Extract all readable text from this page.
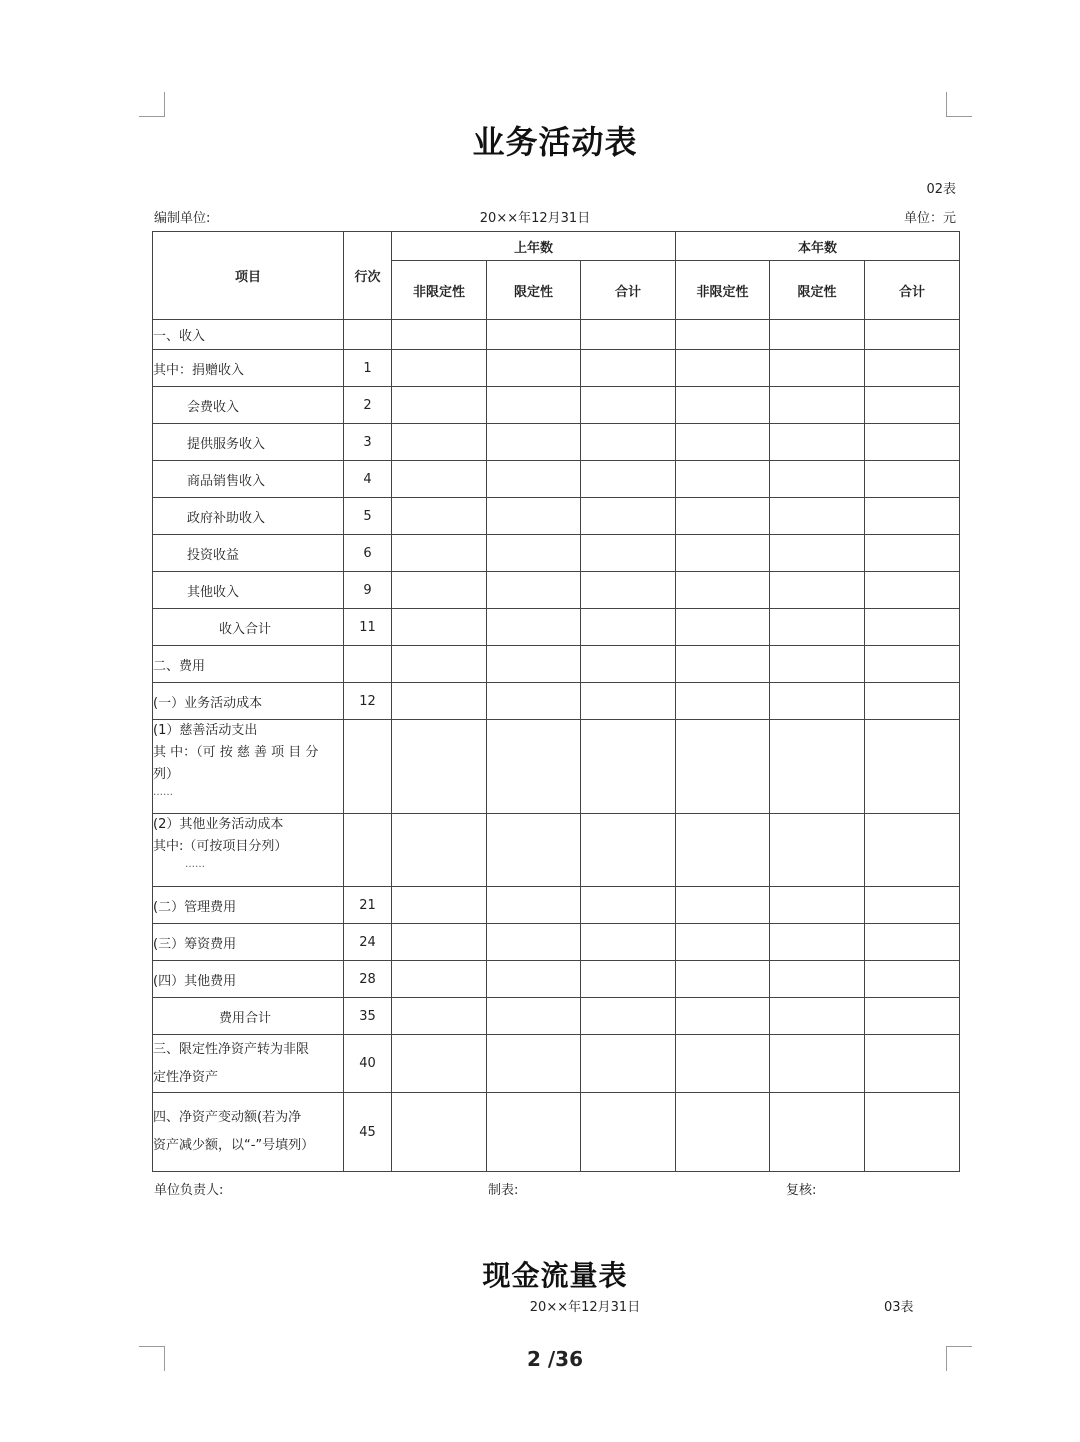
业务活动表
02表
编制单位:	20××年12月31日	单位：元
项目	行次	上年数			本年数		
		非限定性	限定性	合计	非限定性	限定性	合计
一、收入							
其中：捐赠收入	1						
会费收入	2						
提供服务收入	3						
商品销售收入	4						
政府补助收入	5						
投资收益	6						
其他收入	9						
收入合计	11						
二、费用							
(一）业务活动成本	12						

(1）慈善活动支出
其 中：（可 按 慈 善 项 目 分
列）
……							

(2）其他业务活动成本
其中:（可按项目分列）
……							

(二）管理费用	21						
(三）筹资费用	24						
(四）其他费用	28						
费用合计	35						

三、限定性净资产转为非限
定性净资产	40						

四、净资产变动额(若为净
资产减少额，以“-”号填列）	45						
单位负责人:	制表:	复核:
现金流量表
20××年12月31日	03表
2 /36
